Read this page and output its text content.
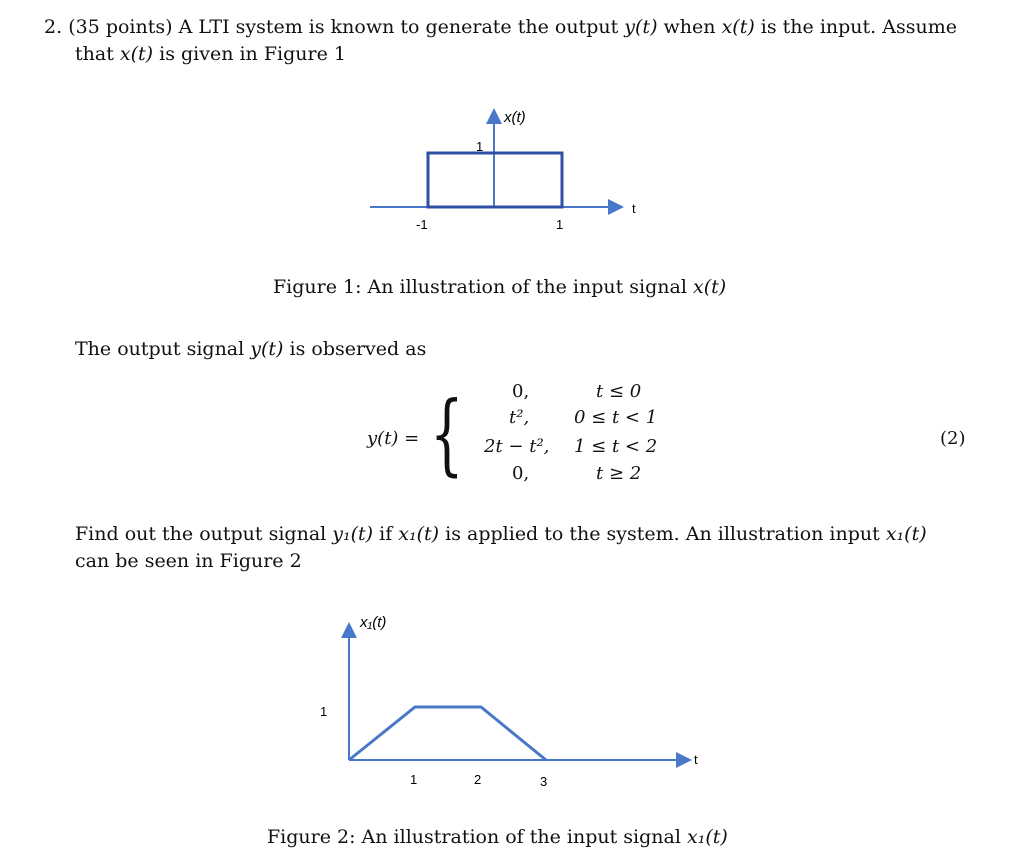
2. (35 points) A LTI system is known to generate the output y(t) when x(t) is the input. Assume
that x(t) is given in Figure 1
x(t)
1
t
-1	1
Figure 1: An illustration of the input signal x(t)
The output signal y(t) is observed as
y(t) = {	0,	t ≤ 0
t², 0 ≤ t < 1
2t − t², 1 ≤ t < 2
0,	t ≥ 2
(2)
Find out the output signal y₁(t) if x₁(t) is applied to the system. An illustration input x₁(t)
can be seen in Figure 2
x₁(t)
1
t
1	2	3
Figure 2: An illustration of the input signal x₁(t)
